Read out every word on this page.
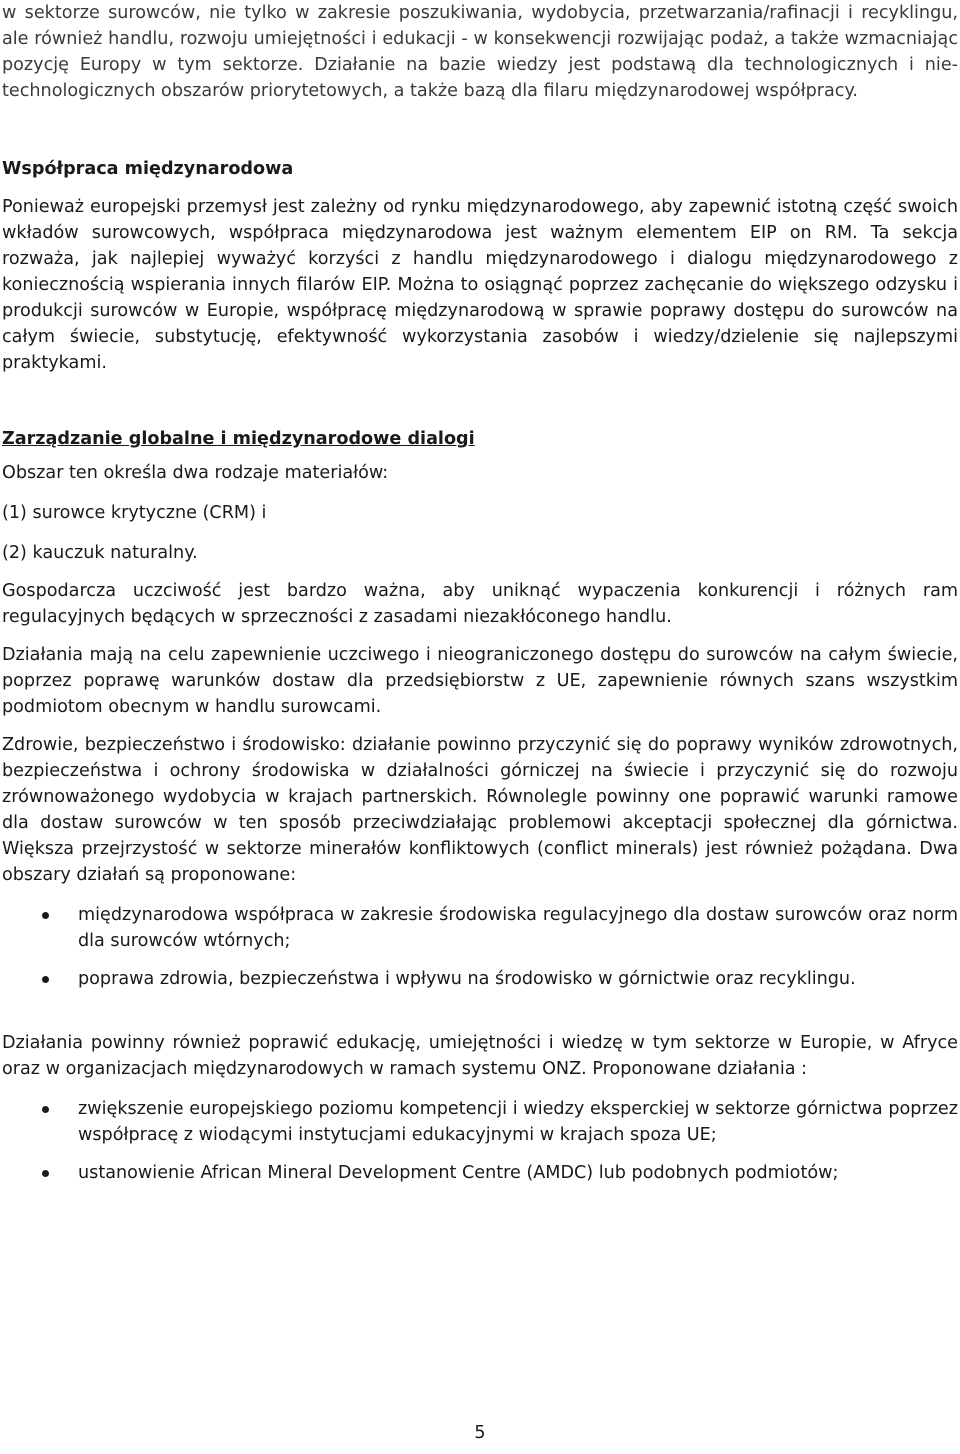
w sektorze surowców, nie tylko w zakresie poszukiwania, wydobycia, przetwarzania/rafinacji i recyklingu, ale również handlu, rozwoju umiejętności i edukacji - w konsekwencji rozwijając podaż, a także wzmacniając pozycję Europy w tym sektorze. Działanie na bazie wiedzy jest podstawą dla technologicznych i nie-technologicznych obszarów priorytetowych, a także bazą dla filaru międzynarodowej współpracy.

Współpraca międzynarodowa

Ponieważ europejski przemysł jest zależny od rynku międzynarodowego, aby zapewnić istotną część swoich wkładów surowcowych, współpraca międzynarodowa jest ważnym elementem EIP on RM. Ta sekcja rozważa, jak najlepiej wyważyć korzyści z handlu międzynarodowego i dialogu międzynarodowego z koniecznością wspierania innych filarów EIP. Można to osiągnąć poprzez zachęcanie do większego odzysku i produkcji surowców w Europie, współpracę międzynarodową w sprawie poprawy dostępu do surowców na całym świecie, substytucję, efektywność wykorzystania zasobów i wiedzy/dzielenie się najlepszymi praktykami.

Zarządzanie globalne i międzynarodowe dialogi

Obszar ten określa dwa rodzaje materiałów:

(1) surowce krytyczne (CRM) i

(2) kauczuk naturalny.

Gospodarcza uczciwość jest bardzo ważna, aby uniknąć wypaczenia konkurencji i różnych ram regulacyjnych będących w sprzeczności z zasadami niezakłóconego handlu.

Działania mają na celu zapewnienie uczciwego i nieograniczonego dostępu do surowców na całym świecie, poprzez poprawę warunków dostaw dla przedsiębiorstw z UE, zapewnienie równych szans wszystkim podmiotom obecnym w handlu surowcami.

Zdrowie, bezpieczeństwo i środowisko: działanie powinno przyczynić się do poprawy wyników zdrowotnych, bezpieczeństwa i ochrony środowiska w działalności górniczej na świecie i przyczynić się do rozwoju zrównoważonego wydobycia w krajach partnerskich. Równolegle powinny one poprawić warunki ramowe dla dostaw surowców w ten sposób przeciwdziałając problemowi akceptacji społecznej dla górnictwa. Większa przejrzystość w sektorze minerałów konfliktowych (conflict minerals) jest również pożądana. Dwa obszary działań są proponowane:

międzynarodowa współpraca w zakresie środowiska regulacyjnego dla dostaw surowców oraz norm dla surowców wtórnych;
poprawa zdrowia, bezpieczeństwa i wpływu na środowisko w górnictwie oraz recyklingu.

Działania powinny również poprawić edukację, umiejętności i wiedzę w tym sektorze w Europie, w Afryce oraz w organizacjach międzynarodowych w ramach systemu ONZ. Proponowane działania :

zwiększenie europejskiego poziomu kompetencji i wiedzy eksperckiej w sektorze górnictwa poprzez współpracę z wiodącymi instytucjami edukacyjnymi w krajach spoza UE;
ustanowienie African Mineral Development Centre (AMDC) lub podobnych podmiotów;
5
